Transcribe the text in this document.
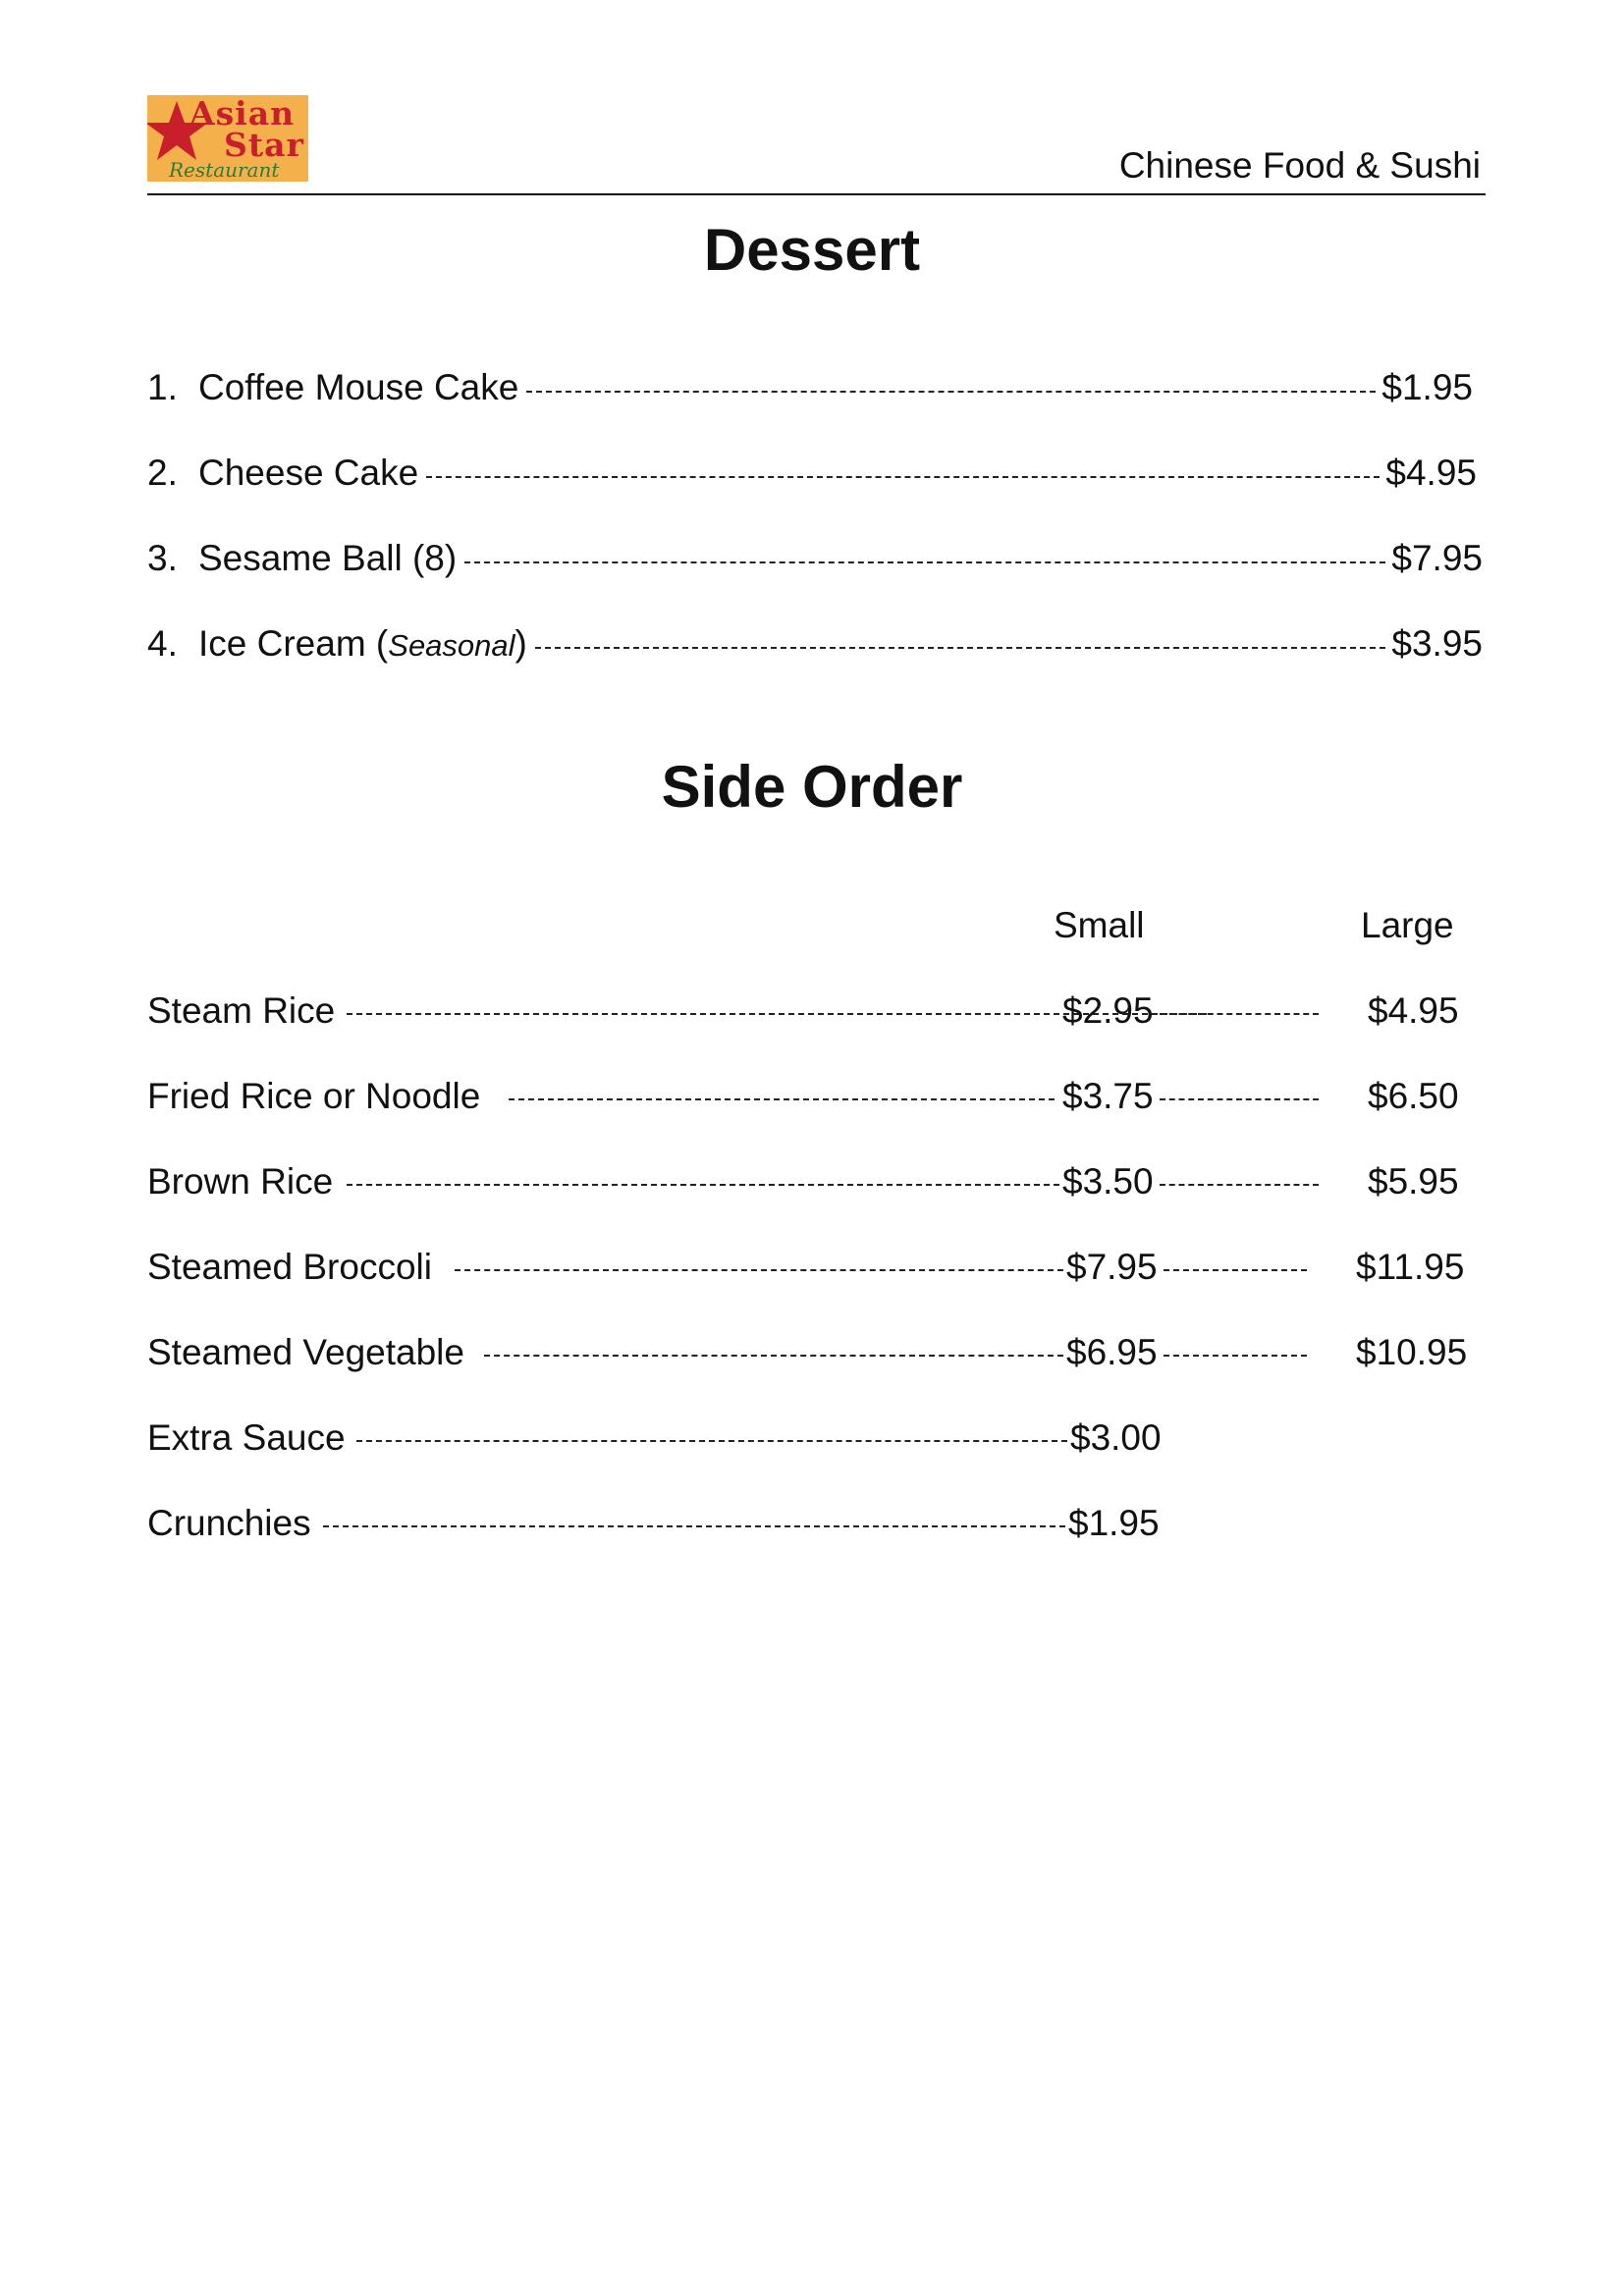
Asian
Star
Restaurant	Chinese Food & Sushi
Dessert
1. Coffee Mouse Cake	$1.95
2. Cheese Cake	$4.95
3. Sesame Ball (8)	$7.95
4. Ice Cream (Seasonal)	$3.95
Side Order
Small	Large
Steam Rice	$2.95	$4.95
Fried Rice or Noodle	$3.75	$6.50
Brown Rice	$3.50	$5.95
Steamed Broccoli	$7.95	$11.95
Steamed Vegetable	$6.95	$10.95
Extra Sauce	$3.00
Crunchies	$1.95
